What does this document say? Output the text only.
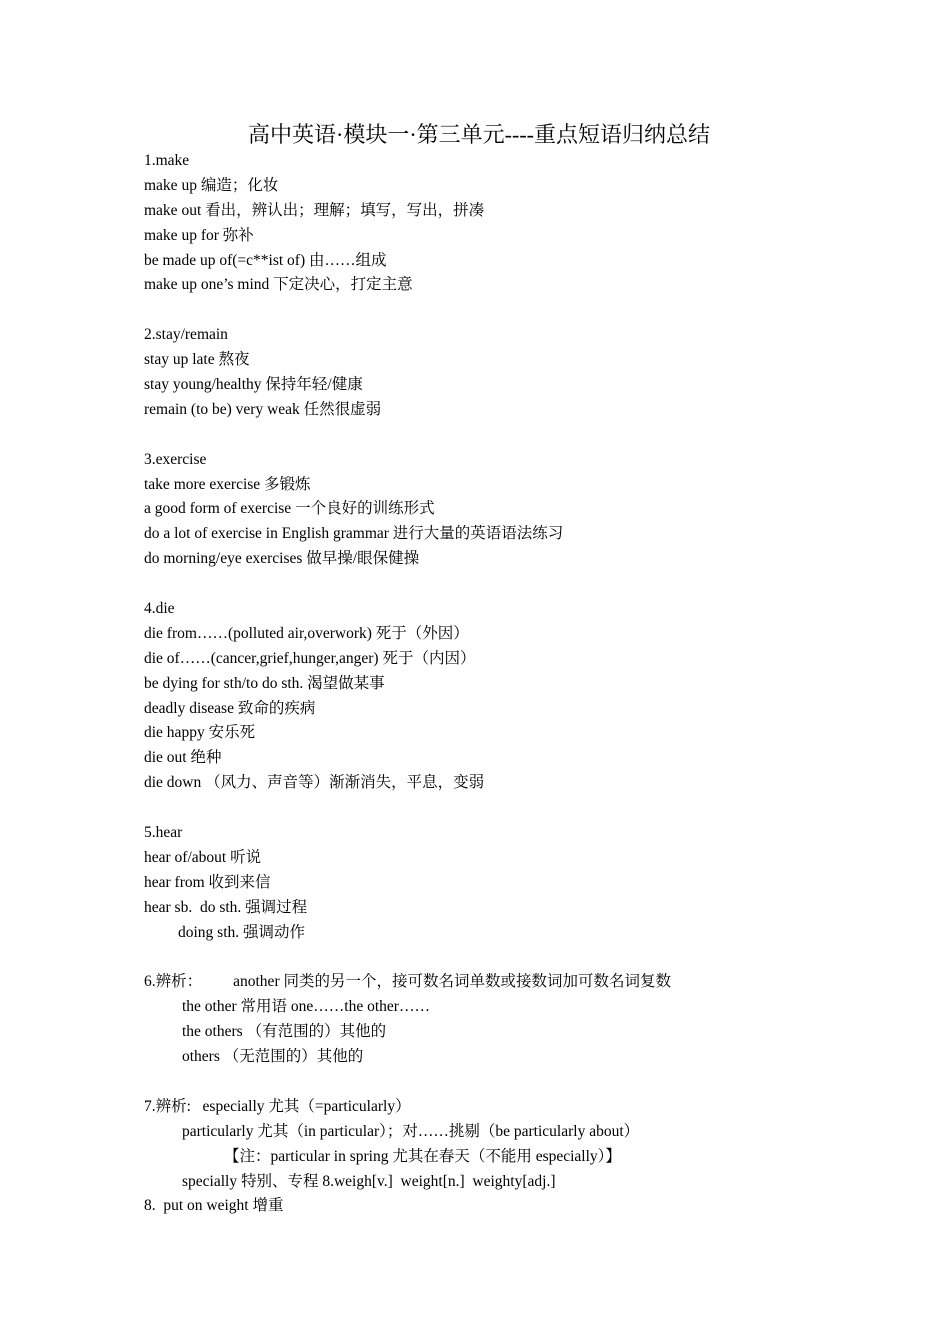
高中英语·模块一·第三单元----重点短语归纳总结
1.make
make up 编造；化妆
make out 看出，辨认出；理解；填写，写出，拼凑
make up for 弥补
be made up of(=c**ist of) 由……组成
make up one’s mind 下定决心，打定主意
2.stay/remain
stay up late 熬夜
stay young/healthy 保持年轻/健康
remain (to be) very weak 任然很虚弱
3.exercise
take more exercise 多锻炼
a good form of exercise 一个良好的训练形式
do a lot of exercise in English grammar 进行大量的英语语法练习
do morning/eye exercises 做早操/眼保健操
4.die
die from……(polluted air,overwork) 死于（外因）
die of……(cancer,grief,hunger,anger) 死于（内因）
be dying for sth/to do sth. 渴望做某事
deadly disease 致命的疾病
die happy 安乐死
die out 绝种
die down （风力、声音等）渐渐消失，平息，变弱
5.hear
hear of/about 听说
hear from 收到来信
hear sb.  do sth. 强调过程
doing sth. 强调动作
6.辨析：        another 同类的另一个，接可数名词单数或接数词加可数名词复数
the other 常用语 one……the other……
the others （有范围的）其他的
others （无范围的）其他的
7.辨析:   especially 尤其（=particularly）
particularly 尤其（in particular）；对……挑剔（be particularly about）
【注：particular in spring 尤其在春天（不能用 especially）】
specially 特别、专程 8.weigh[v.]  weight[n.]  weighty[adj.]
8.  put on weight 增重
